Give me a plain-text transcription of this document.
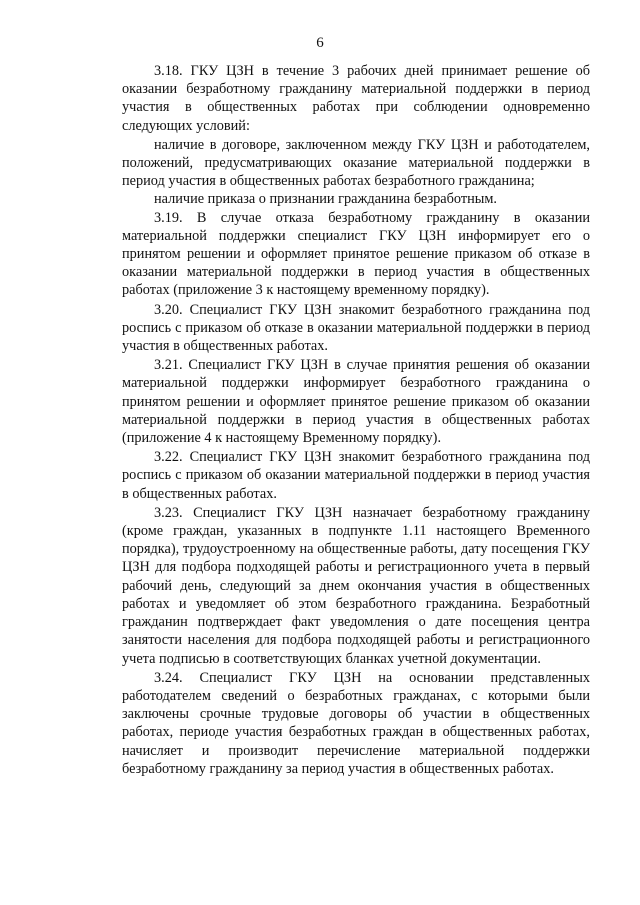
6

3.18. ГКУ ЦЗН в течение 3 рабочих дней принимает решение об оказании безработному гражданину материальной поддержки в период участия в общественных работах при соблюдении одновременно следующих условий:

наличие в договоре, заключенном между ГКУ ЦЗН и работодателем, положений, предусматривающих оказание материальной поддержки в период участия в общественных работах безработного гражданина;

наличие приказа о признании гражданина безработным.

3.19. В случае отказа безработному гражданину в оказании материальной поддержки специалист ГКУ ЦЗН информирует его о принятом решении и оформляет принятое решение приказом об отказе в оказании материальной поддержки в период участия в общественных работах (приложение 3 к настоящему временному порядку).

3.20. Специалист ГКУ ЦЗН знакомит безработного гражданина под роспись с приказом об отказе в оказании материальной поддержки в период участия в общественных работах.

3.21. Специалист ГКУ ЦЗН в случае принятия решения об оказании материальной поддержки информирует безработного гражданина о принятом решении и оформляет принятое решение приказом об оказании материальной поддержки в период участия в общественных работах (приложение 4 к настоящему Временному порядку).

3.22. Специалист ГКУ ЦЗН знакомит безработного гражданина под роспись с приказом об оказании материальной поддержки в период участия в общественных работах.

3.23. Специалист ГКУ ЦЗН назначает безработному гражданину (кроме граждан, указанных в подпункте 1.11 настоящего Временного порядка), трудоустроенному на общественные работы, дату посещения ГКУ ЦЗН для подбора подходящей работы и регистрационного учета в первый рабочий день, следующий за днем окончания участия в общественных работах и уведомляет об этом безработного гражданина. Безработный гражданин подтверждает факт уведомления о дате посещения центра занятости населения для подбора подходящей работы и регистрационного учета подписью в соответствующих бланках учетной документации.

3.24. Специалист ГКУ ЦЗН на основании представленных работодателем сведений о безработных гражданах, с которыми были заключены срочные трудовые договоры об участии в общественных работах, периоде участия безработных граждан в общественных работах, начисляет и производит перечисление материальной поддержки безработному гражданину за период участия в общественных работах.
